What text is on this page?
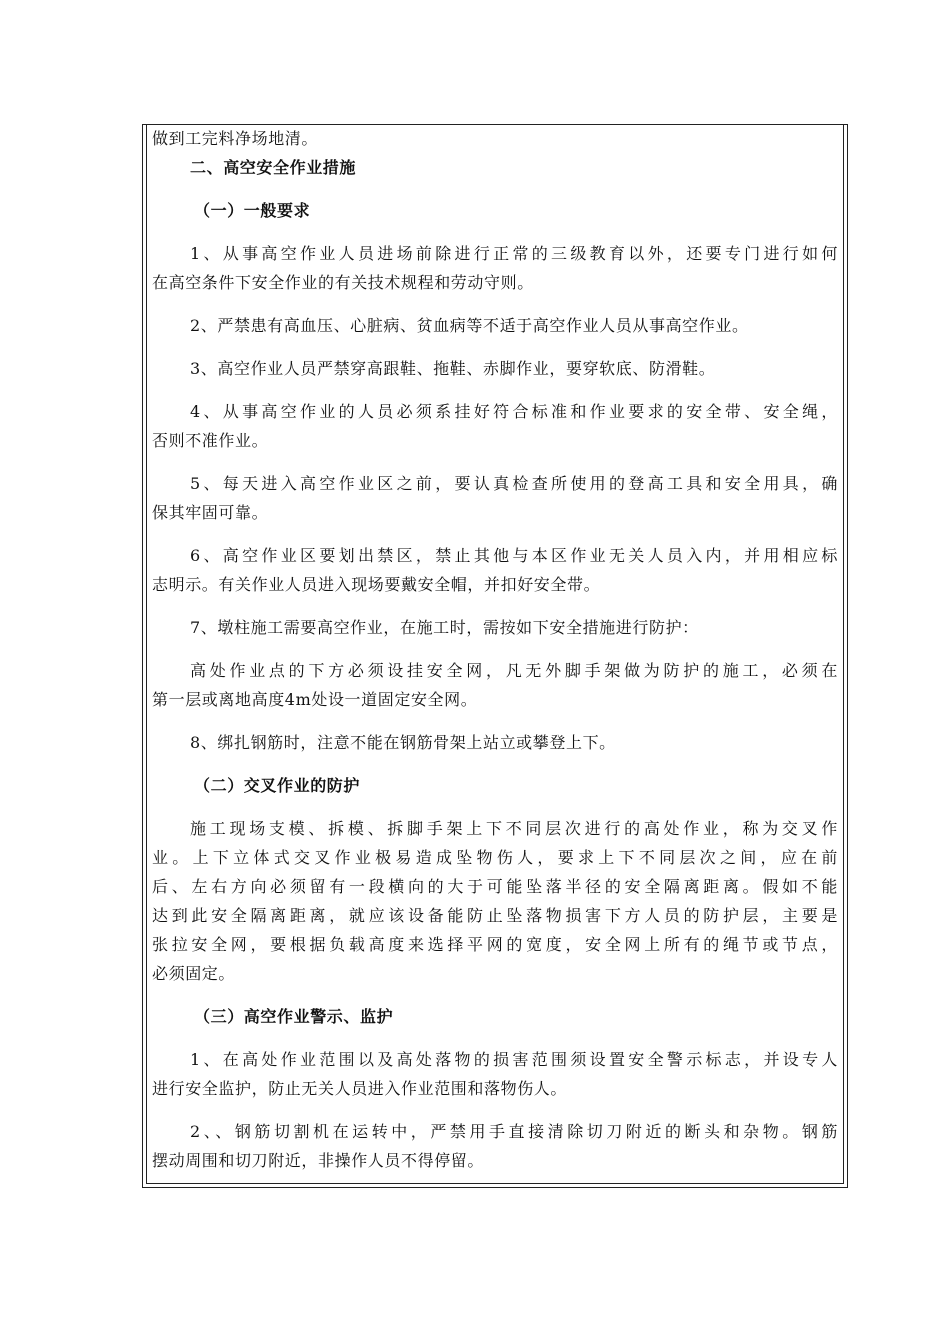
做到工完料净场地清。
二、高空安全作业措施
（一）一般要求
1、从事高空作业人员进场前除进行正常的三级教育以外，还要专门进行如何
在高空条件下安全作业的有关技术规程和劳动守则。
2、严禁患有高血压、心脏病、贫血病等不适于高空作业人员从事高空作业。
3、高空作业人员严禁穿高跟鞋、拖鞋、赤脚作业，要穿软底、防滑鞋。
4、从事高空作业的人员必须系挂好符合标准和作业要求的安全带、安全绳，
否则不准作业。
5、每天进入高空作业区之前，要认真检查所使用的登高工具和安全用具，确
保其牢固可靠。
6、高空作业区要划出禁区，禁止其他与本区作业无关人员入内，并用相应标
志明示。有关作业人员进入现场要戴安全帽，并扣好安全带。
7、墩柱施工需要高空作业，在施工时，需按如下安全措施进行防护：
高处作业点的下方必须设挂安全网，凡无外脚手架做为防护的施工，必须在
第一层或离地高度4m处设一道固定安全网。
8、绑扎钢筋时，注意不能在钢筋骨架上站立或攀登上下。
（二）交叉作业的防护
施工现场支模、拆模、拆脚手架上下不同层次进行的高处作业，称为交叉作
业。上下立体式交叉作业极易造成坠物伤人，要求上下不同层次之间，应在前
后、左右方向必须留有一段横向的大于可能坠落半径的安全隔离距离。假如不能
达到此安全隔离距离，就应该设备能防止坠落物损害下方人员的防护层，主要是
张拉安全网，要根据负载高度来选择平网的宽度，安全网上所有的绳节或节点，
必须固定。
（三）高空作业警示、监护
1、在高处作业范围以及高处落物的损害范围须设置安全警示标志，并设专人
进行安全监护，防止无关人员进入作业范围和落物伤人。
2、、钢筋切割机在运转中，严禁用手直接清除切刀附近的断头和杂物。钢筋
摆动周围和切刀附近，非操作人员不得停留。
